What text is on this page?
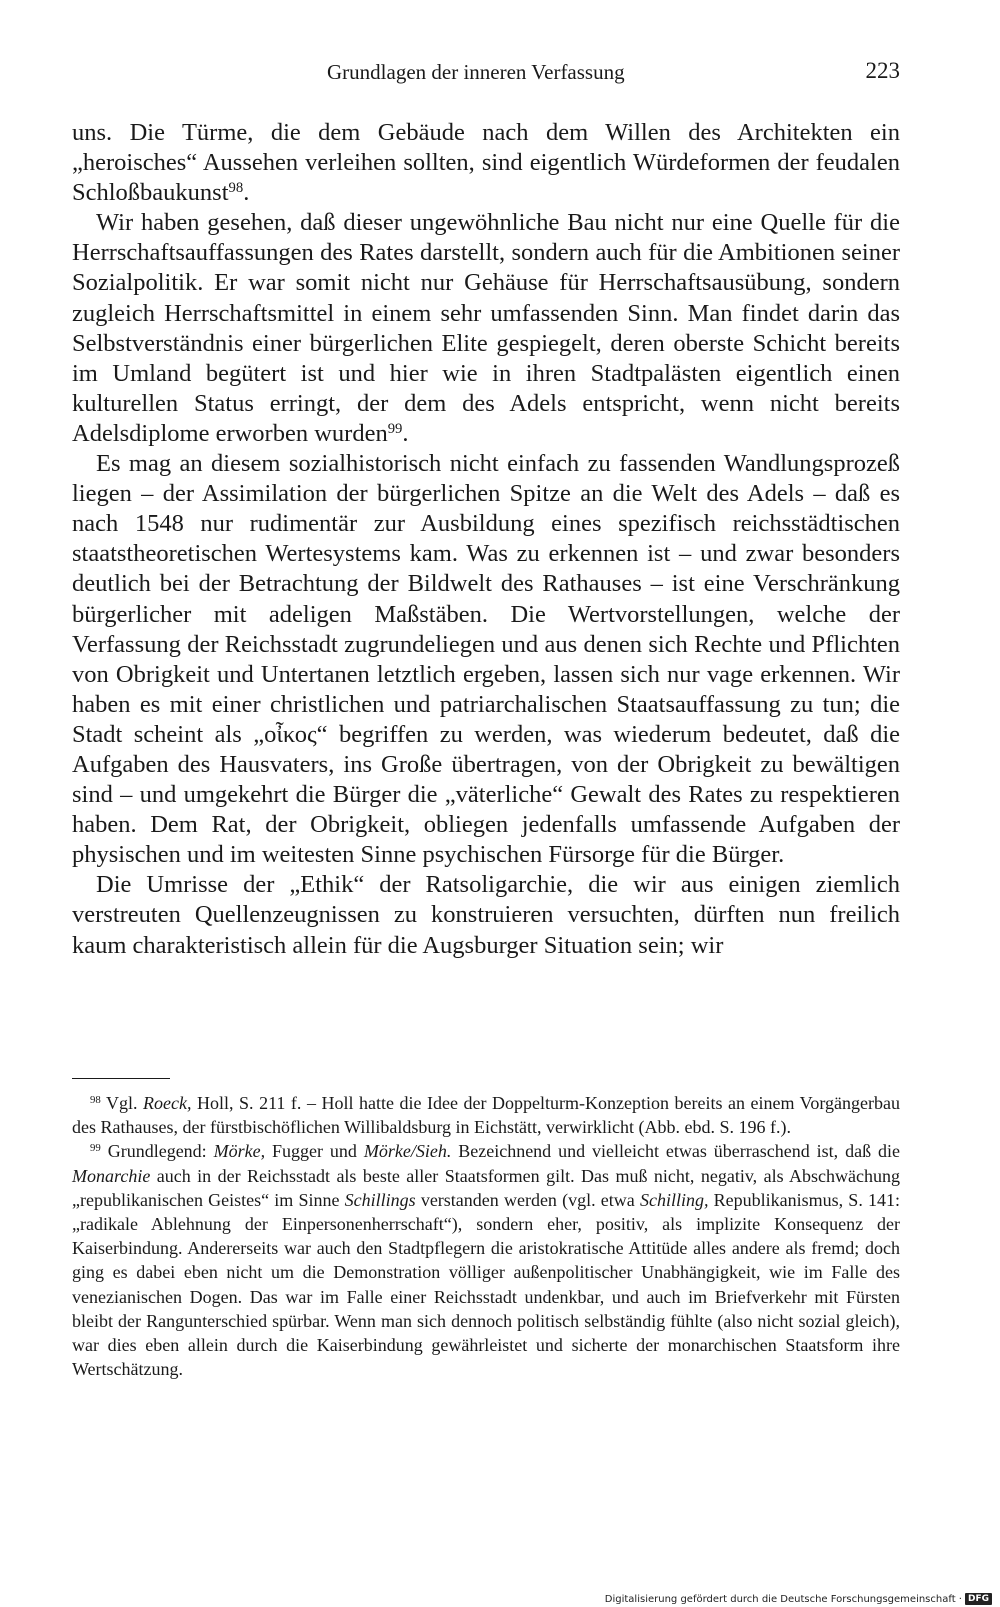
Grundlagen der inneren Verfassung	223

uns. Die Türme, die dem Gebäude nach dem Willen des Architekten ein „heroisches“ Aussehen verleihen sollten, sind eigentlich Würdeformen der feudalen Schloßbaukunst$^{98}$.

Wir haben gesehen, daß dieser ungewöhnliche Bau nicht nur eine Quelle für die Herrschaftsauffassungen des Rates darstellt, sondern auch für die Ambitionen seiner Sozialpolitik. Er war somit nicht nur Gehäuse für Herrschaftsausübung, sondern zugleich Herrschaftsmittel in einem sehr umfassenden Sinn. Man findet darin das Selbstverständnis einer bürgerlichen Elite gespiegelt, deren oberste Schicht bereits im Umland begütert ist und hier wie in ihren Stadtpalästen eigentlich einen kulturellen Status erringt, der dem des Adels entspricht, wenn nicht bereits Adelsdiplome erworben wurden$^{99}$.

Es mag an diesem sozialhistorisch nicht einfach zu fassenden Wandlungsprozeß liegen – der Assimilation der bürgerlichen Spitze an die Welt des Adels – daß es nach 1548 nur rudimentär zur Ausbildung eines spezifisch reichsstädtischen staatstheoretischen Wertesystems kam. Was zu erkennen ist – und zwar besonders deutlich bei der Betrachtung der Bildwelt des Rathauses – ist eine Verschränkung bürgerlicher mit adeligen Maßstäben. Die Wertvorstellungen, welche der Verfassung der Reichsstadt zugrundeliegen und aus denen sich Rechte und Pflichten von Obrigkeit und Untertanen letztlich ergeben, lassen sich nur vage erkennen. Wir haben es mit einer christlichen und patriarchalischen Staatsauffassung zu tun; die Stadt scheint als „οἶκος“ begriffen zu werden, was wiederum bedeutet, daß die Aufgaben des Hausvaters, ins Große übertragen, von der Obrigkeit zu bewältigen sind – und umgekehrt die Bürger die „väterliche“ Gewalt des Rates zu respektieren haben. Dem Rat, der Obrigkeit, obliegen jedenfalls umfassende Aufgaben der physischen und im weitesten Sinne psychischen Fürsorge für die Bürger.

Die Umrisse der „Ethik“ der Ratsoligarchie, die wir aus einigen ziemlich verstreuten Quellenzeugnissen zu konstruieren versuchten, dürften nun freilich kaum charakteristisch allein für die Augsburger Situation sein; wir

$^{98}$ Vgl. Roeck, Holl, S. 211 f. – Holl hatte die Idee der Doppelturm-Konzeption bereits an einem Vorgängerbau des Rathauses, der fürstbischöflichen Willibaldsburg in Eichstätt, verwirklicht (Abb. ebd. S. 196 f.).

$^{99}$ Grundlegend: Mörke, Fugger und Mörke/Sieh. Bezeichnend und vielleicht etwas überraschend ist, daß die Monarchie auch in der Reichsstadt als beste aller Staatsformen gilt. Das muß nicht, negativ, als Abschwächung „republikanischen Geistes“ im Sinne Schillings verstanden werden (vgl. etwa Schilling, Republikanismus, S. 141: „radikale Ablehnung der Einpersonenherrschaft“), sondern eher, positiv, als implizite Konsequenz der Kaiserbindung. Andererseits war auch den Stadtpflegern die aristokratische Attitüde alles andere als fremd; doch ging es dabei eben nicht um die Demonstration völliger außenpolitischer Unabhängigkeit, wie im Falle des venezianischen Dogen. Das war im Falle einer Reichsstadt undenkbar, und auch im Briefverkehr mit Fürsten bleibt der Rangunterschied spürbar. Wenn man sich dennoch politisch selbständig fühlte (also nicht sozial gleich), war dies eben allein durch die Kaiserbindung gewährleistet und sicherte der monarchischen Staatsform ihre Wertschätzung.

Digitalisierung gefördert durch die Deutsche Forschungsgemeinschaft · DFG
